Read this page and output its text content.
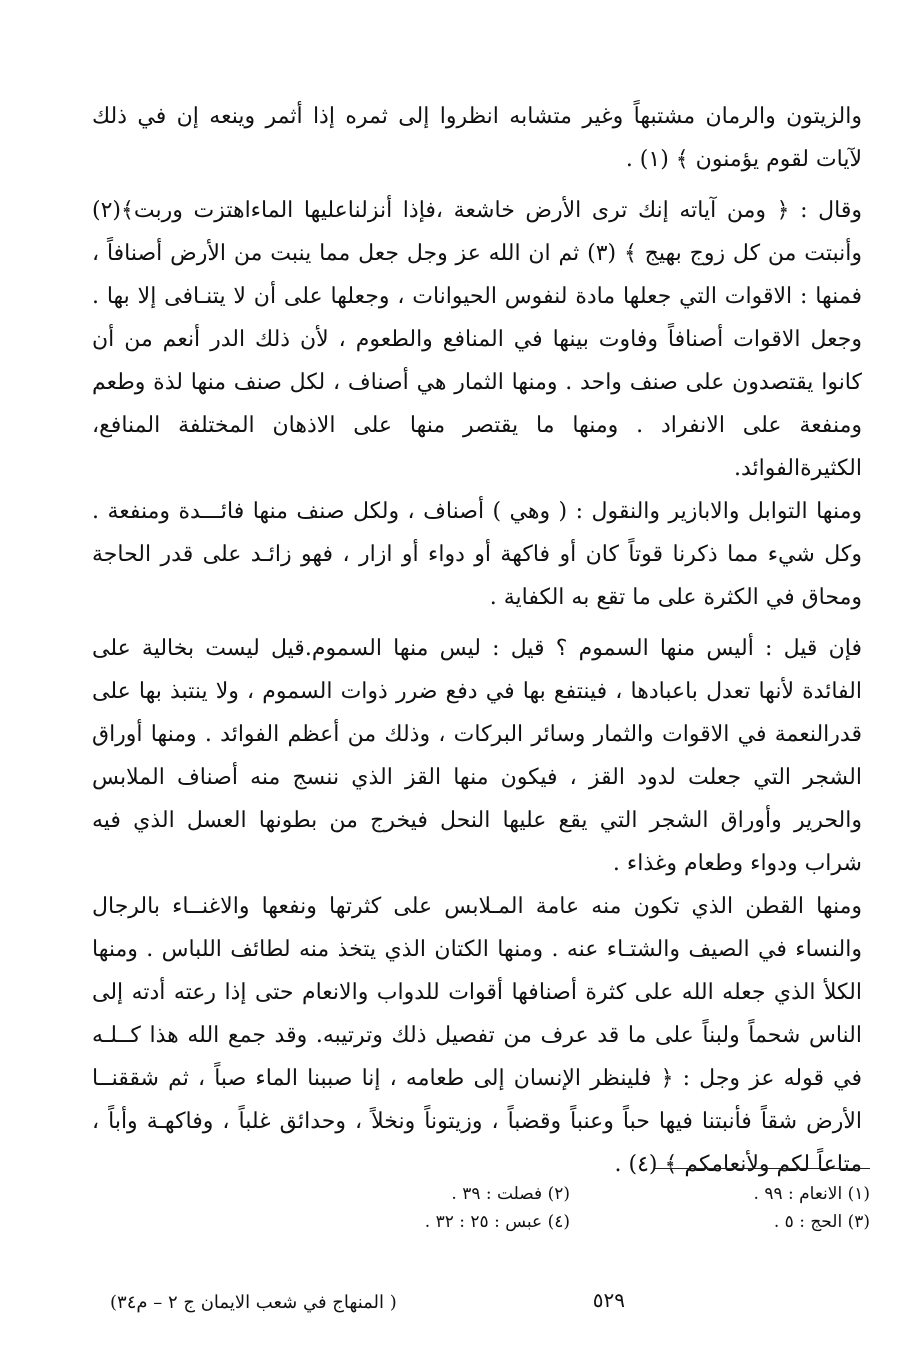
والزيتون والرمان مشتبهاً وغير متشابه انظروا إلى ثمره إذا أثمر وينعه إن في ذلك لآيات لقوم يؤمنون ﴾ (١) .

وقال : ﴿ ومن آياته إنك ترى الأرض خاشعة ،فإذا أنزلناعليها الماءاهتزت وربت﴾(٢) وأنبتت من كل زوج بهيج ﴾ (٣) ثم ان الله عز وجل جعل مما ينبت من الأرض أصنافاً ، فمنها : الاقوات التي جعلها مادة لنفوس الحيوانات ، وجعلها على أن لا يتنـافى إلا بها . وجعل الاقوات أصنافاً وفاوت بينها في المنافع والطعوم ، لأن ذلك الدر أنعم من أن كانوا يقتصدون على صنف واحد . ومنها الثمار هي أصناف ، لكل صنف منها لذة وطعم ومنفعة على الانفراد . ومنها ما يقتصر منها على الاذهان المختلفة المنافع، الكثيرةالفوائد.

ومنها التوابل والابازير والنقول : ( وهي ) أصناف ، ولكل صنف منها فائـــدة ومنفعة . وكل شيء مما ذكرنا قوتاً كان أو فاكهة أو دواء أو ازار ، فهو زائـد على قدر الحاجة ومحاق في الكثرة على ما تقع به الكفاية .

فإن قيل : أليس منها السموم ؟ قيل : ليس منها السموم.قيل ليست بخالية على الفائدة لأنها تعدل باعبادها ، فينتفع بها في دفع ضرر ذوات السموم ، ولا ينتبذ بها على قدرالنعمة في الاقوات والثمار وسائر البركات ، وذلك من أعظم الفوائد . ومنها أوراق الشجر التي جعلت لدود القز ، فيكون منها القز الذي ننسج منه أصناف الملابس والحرير وأوراق الشجر التي يقع عليها النحل فيخرج من بطونها العسل الذي فيه شراب ودواء وطعام وغذاء .

ومنها القطن الذي تكون منه عامة المـلابس على كثرتها ونفعها والاغنــاء بالرجال والنساء في الصيف والشتـاء عنه . ومنها الكتان الذي يتخذ منه لطائف اللباس . ومنها الكلأ الذي جعله الله على كثرة أصنافها أقوات للدواب والانعام حتى إذا رعته أدته إلى الناس شحماً ولبناً على ما قد عرف من تفصيل ذلك وترتيبه. وقد جمع الله هذا كــلـه في قوله عز وجل : ﴿ فلينظر الإنسان إلى طعامه ، إنا صببنا الماء صباً ، ثم شققنــا الأرض شقاً فأنبتنا فيها حباً وعنباً وقضباً ، وزيتوناً ونخلاً ، وحدائق غلباً ، وفاكهـة وأباً ، متاعاً لكم ولأنعامكم ﴾ (٤) .

(١) الانعام : ٩٩ .
(٢) فصلت : ٣٩ .
(٣) الحج : ٥ .
(٤) عبس : ٢٥ : ٣٢ .
٥٢٩
( المنهاج في شعب الايمان ج ٢ – م٣٤)
